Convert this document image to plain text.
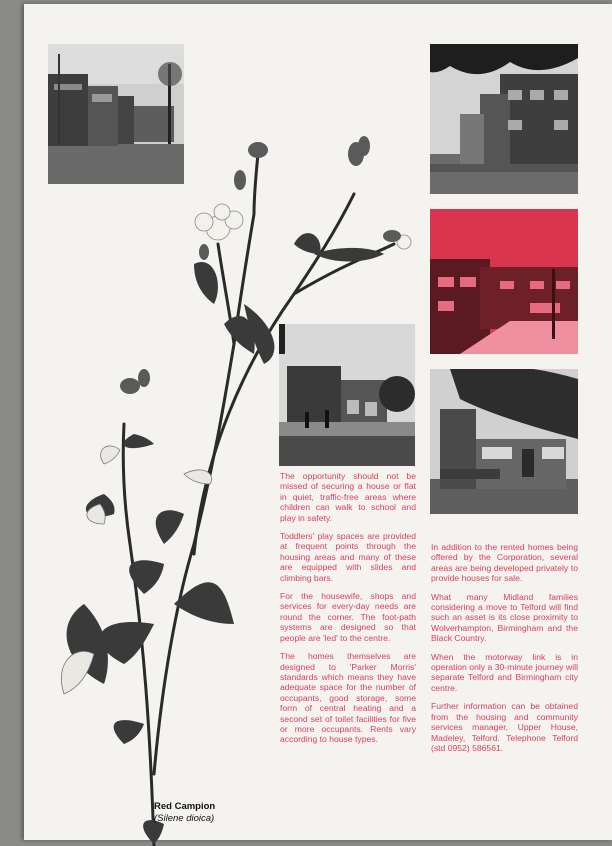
The opportunity should not be missed of securing a house or flat in quiet, traffic-free areas where children can walk to school and play in safety.

Toddlers' play spaces are provided at frequent points through the housing areas and many of these are equipped with slides and climbing bars.

For the housewife, shops and services for every-day needs are round the corner. The foot-path systems are designed so that people are 'led' to the centre.

The homes themselves are designed to 'Parker Morris' standards which means they have adequate space for the number of occupants, good storage, some form of central heating and a second set of toilet facilities for five or more occupants. Rents vary according to house types.

In addition to the rented homes being offered by the Corporation, several areas are being developed privately to provide houses for sale.

What many Midland families considering a move to Telford will find such an asset is its close proximity to Wolverhampton, Birmingham and the Black Country.

When the motorway link is in operation only a 30-minute journey will separate Telford and Birmingham city centre.

Further information can be obtained from the housing and community services manager, Upper House, Madeley, Telford. Telephone Telford (std 0952) 586561.

Red Campion
(Silene dioica)
